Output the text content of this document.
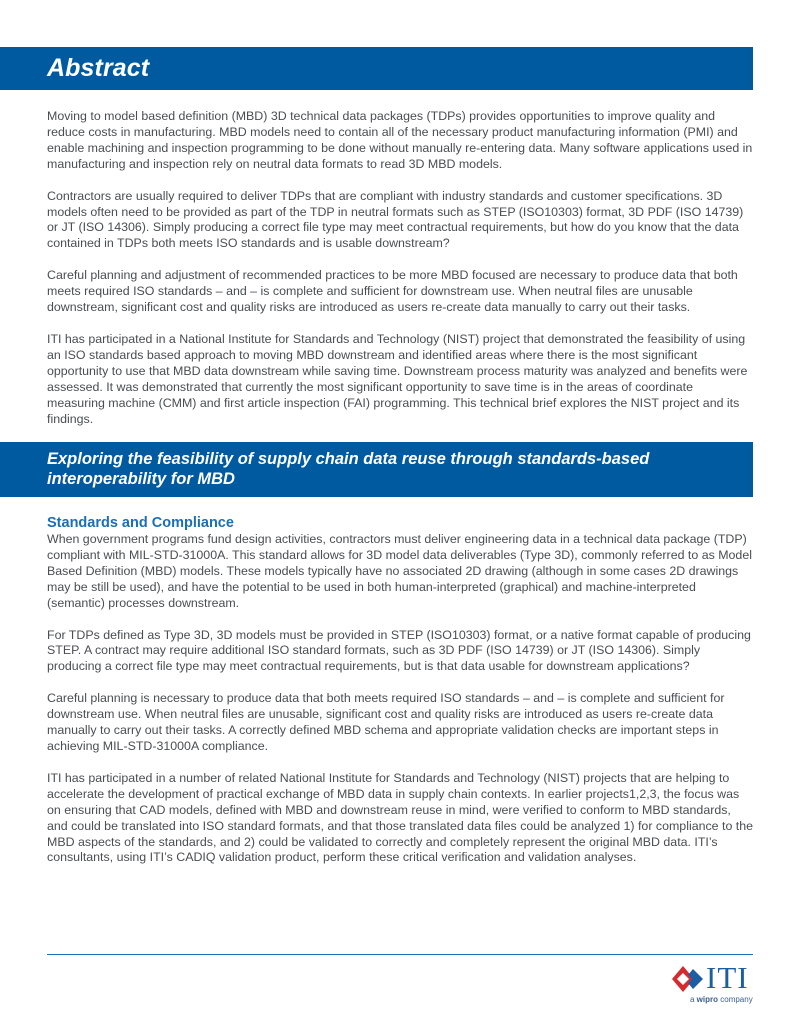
Abstract

Moving to model based definition (MBD) 3D technical data packages (TDPs) provides opportunities to improve quality and reduce costs in manufacturing. MBD models need to contain all of the necessary product manufacturing information (PMI) and enable machining and inspection programming to be done without manually re-entering data. Many software applications used in manufacturing and inspection rely on neutral data formats to read 3D MBD models.

Contractors are usually required to deliver TDPs that are compliant with industry standards and customer specifications. 3D models often need to be provided as part of the TDP in neutral formats such as STEP (ISO10303) format, 3D PDF (ISO 14739) or JT (ISO 14306). Simply producing a correct file type may meet contractual requirements, but how do you know that the data contained in TDPs both meets ISO standards and is usable downstream?

Careful planning and adjustment of recommended practices to be more MBD focused are necessary to produce data that both meets required ISO standards – and – is complete and sufficient for downstream use. When neutral files are unusable downstream, significant cost and quality risks are introduced as users re-create data manually to carry out their tasks.

ITI has participated in a National Institute for Standards and Technology (NIST) project that demonstrated the feasibility of using an ISO standards based approach to moving MBD downstream and identified areas where there is the most significant opportunity to use that MBD data downstream while saving time. Downstream process maturity was analyzed and benefits were assessed. It was demonstrated that currently the most significant opportunity to save time is in the areas of coordinate measuring machine (CMM) and first article inspection (FAI) programming. This technical brief explores the NIST project and its findings.

Exploring the feasibility of supply chain data reuse through standards-based interoperability for MBD
Standards and Compliance

When government programs fund design activities, contractors must deliver engineering data in a technical data package (TDP) compliant with MIL-STD-31000A. This standard allows for 3D model data deliverables (Type 3D), commonly referred to as Model Based Definition (MBD) models. These models typically have no associated 2D drawing (although in some cases 2D drawings may be still be used), and have the potential to be used in both human-interpreted (graphical) and machine-interpreted (semantic) processes downstream.

For TDPs defined as Type 3D, 3D models must be provided in STEP (ISO10303) format, or a native format capable of producing STEP. A contract may require additional ISO standard formats, such as 3D PDF (ISO 14739) or JT (ISO 14306). Simply producing a correct file type may meet contractual requirements, but is that data usable for downstream applications?

Careful planning is necessary to produce data that both meets required ISO standards – and – is complete and sufficient for downstream use. When neutral files are unusable, significant cost and quality risks are introduced as users re-create data manually to carry out their tasks. A correctly defined MBD schema and appropriate validation checks are important steps in achieving MIL-STD-31000A compliance.

ITI has participated in a number of related National Institute for Standards and Technology (NIST) projects that are helping to accelerate the development of practical exchange of MBD data in supply chain contexts. In earlier projects1,2,3, the focus was on ensuring that CAD models, defined with MBD and downstream reuse in mind, were verified to conform to MBD standards, and could be translated into ISO standard formats, and that those translated data files could be analyzed 1) for compliance to the MBD aspects of the standards, and 2) could be validated to correctly and completely represent the original MBD data. ITI’s consultants, using ITI’s CADIQ validation product, perform these critical verification and validation analyses.

ITI
a wipro company
